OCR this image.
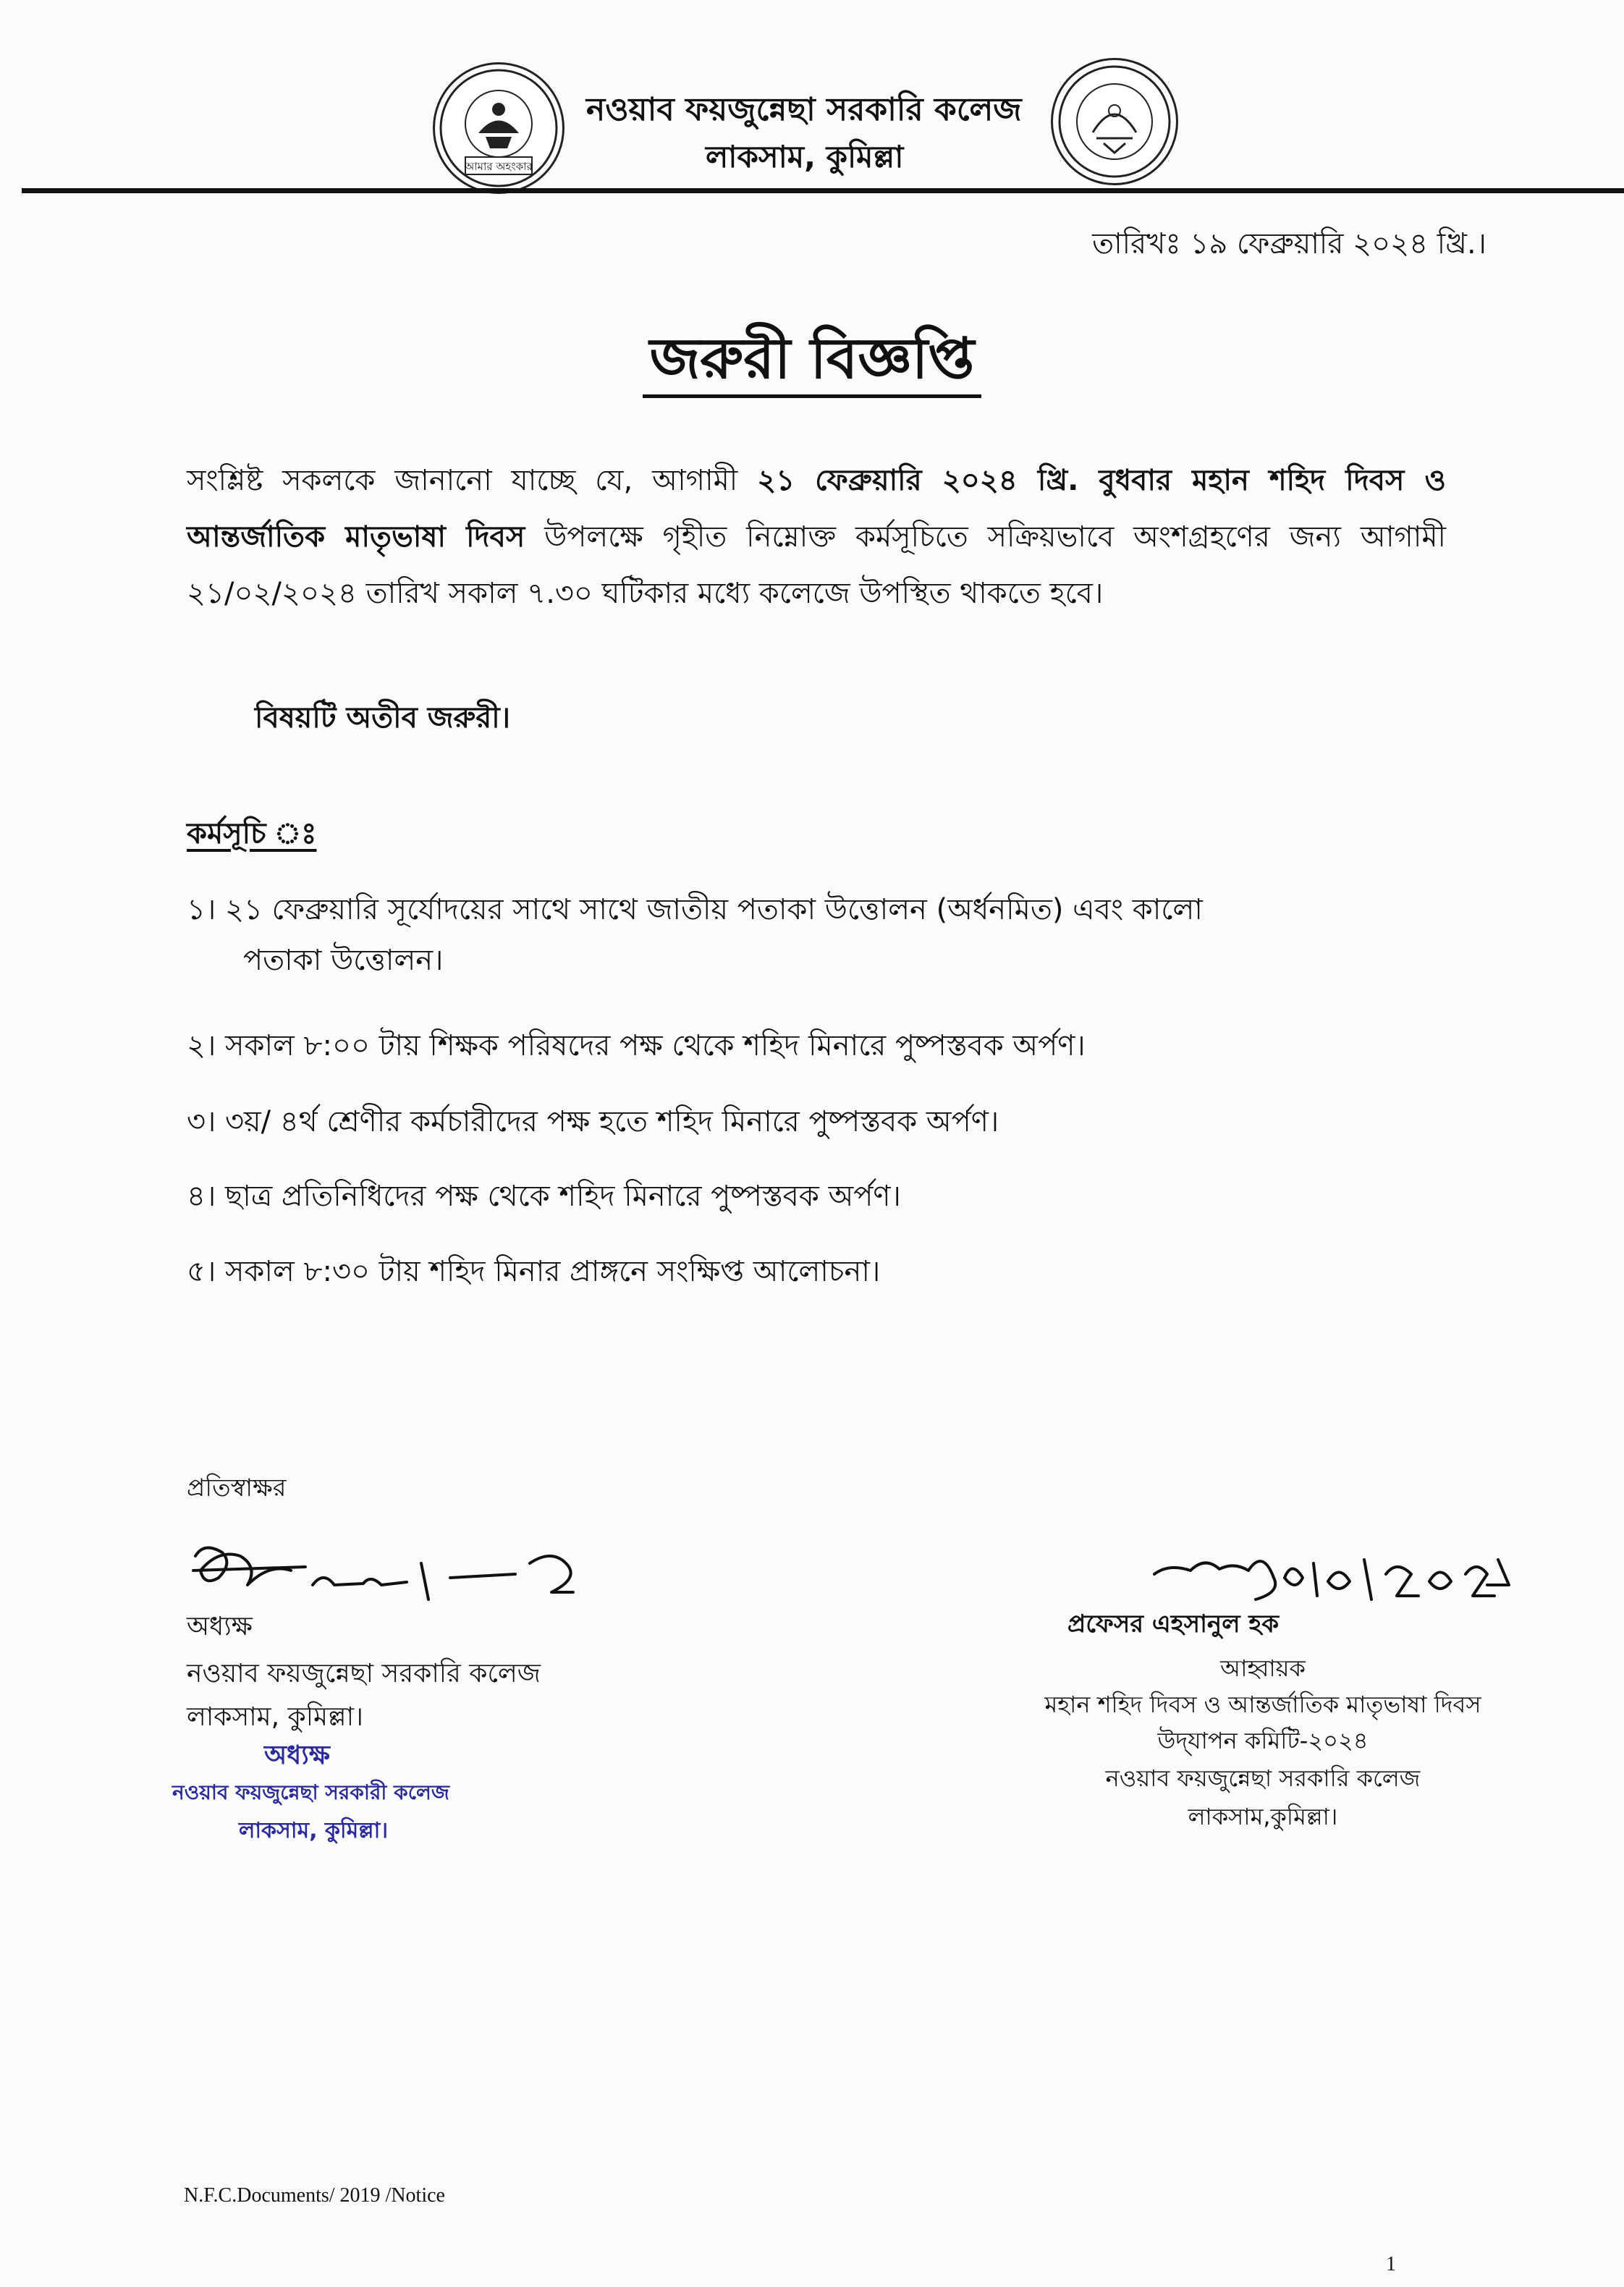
আমার অহংকার
নওয়াব ফয়জুন্নেছা সরকারি কলেজ
লাকসাম, কুমিল্লা
তারিখঃ ১৯ ফেব্রুয়ারি ২০২৪ খ্রি.।
জরুরী বিজ্ঞপ্তি
সংশ্লিষ্ট সকলকে জানানো যাচ্ছে যে, আগামী ২১ ফেব্রুয়ারি ২০২৪ খ্রি. বুধবার মহান শহিদ দিবস ও আন্তর্জাতিক মাতৃভাষা দিবস উপলক্ষে গৃহীত নিম্নোক্ত কর্মসূচিতে সক্রিয়ভাবে অংশগ্রহণের জন্য আগামী ২১/০২/২০২৪ তারিখ সকাল ৭.৩০ ঘটিকার মধ্যে কলেজে উপস্থিত থাকতে হবে।
বিষয়টি অতীব জরুরী।
কর্মসূচি ঃ
১। ২১ ফেব্রুয়ারি সূর্যোদয়ের সাথে সাথে জাতীয় পতাকা উত্তোলন (অর্ধনমিত) এবং কালো
পতাকা উত্তোলন।
২। সকাল ৮:০০ টায় শিক্ষক পরিষদের পক্ষ থেকে শহিদ মিনারে পুষ্পস্তবক অর্পণ।
৩। ৩য়/ ৪র্থ শ্রেণীর কর্মচারীদের পক্ষ হতে শহিদ মিনারে পুষ্পস্তবক অর্পণ।
৪। ছাত্র প্রতিনিধিদের পক্ষ থেকে শহিদ মিনারে পুষ্পস্তবক অর্পণ।
৫। সকাল ৮:৩০ টায় শহিদ মিনার প্রাঙ্গনে সংক্ষিপ্ত আলোচনা।
প্রতিস্বাক্ষর
অধ্যক্ষ
নওয়াব ফয়জুন্নেছা সরকারি কলেজ
লাকসাম, কুমিল্লা।
অধ্যক্ষ
নওয়াব ফয়জুন্নেছা সরকারী কলেজ
লাকসাম, কুমিল্লা।
প্রফেসর এহসানুল হক
আহ্বায়ক
মহান শহিদ দিবস ও আন্তর্জাতিক মাতৃভাষা দিবস
উদ্‌যাপন কমিটি-২০২৪
নওয়াব ফয়জুন্নেছা সরকারি কলেজ
লাকসাম,কুমিল্লা।
N.F.C.Documents/ 2019 /Notice
1
